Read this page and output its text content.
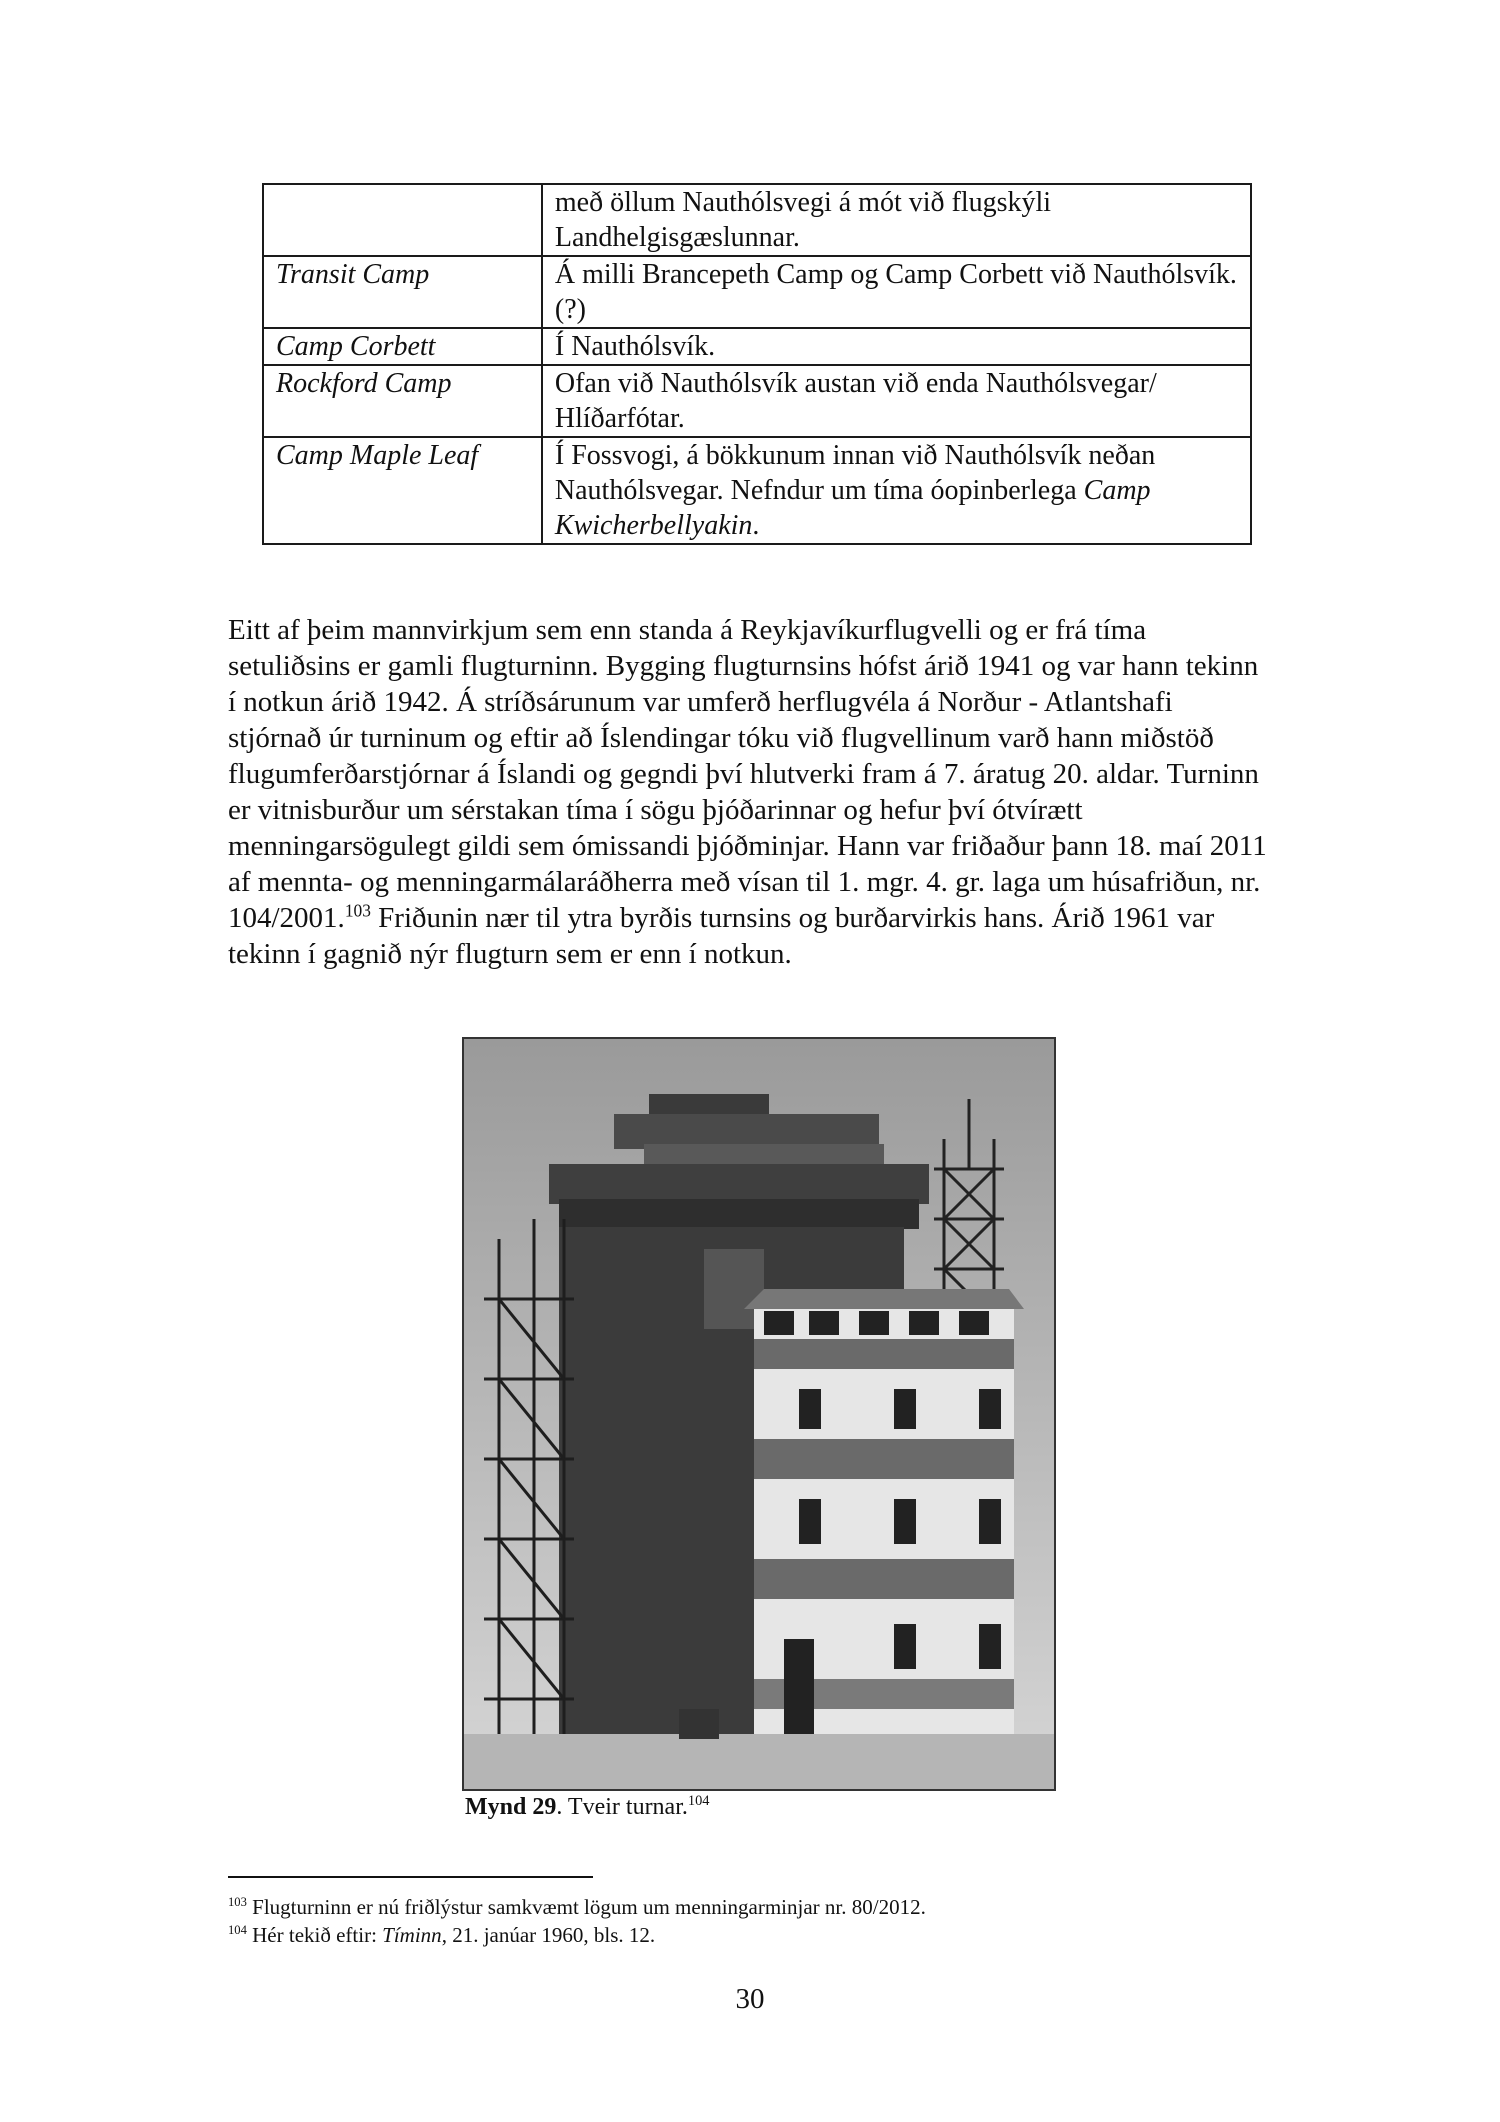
	með öllum Nauthólsvegi á mót við flugskýli Landhelgisgæslunnar.
Transit Camp	Á milli Brancepeth Camp og Camp Corbett við Nauthólsvík. (?)
Camp Corbett	Í Nauthólsvík.
Rockford Camp	Ofan við Nauthólsvík austan við enda Nauthólsvegar/ Hlíðarfótar.
Camp Maple Leaf	Í Fossvogi, á bökkunum innan við Nauthólsvík neðan Nauthólsvegar. Nefndur um tíma óopinberlega Camp Kwicherbellyakin.

Eitt af þeim mannvirkjum sem enn standa á Reykjavíkurflugvelli og er frá tíma setuliðsins er gamli flugturninn. Bygging flugturnsins hófst árið 1941 og var hann tekinn í notkun árið 1942. Á stríðsárunum var umferð herflugvéla á Norður - Atlantshafi stjórnað úr turninum og eftir að Íslendingar tóku við flugvellinum varð hann miðstöð flugumferðarstjórnar á Íslandi og gegndi því hlutverki fram á 7. áratug 20. aldar. Turninn er vitnisburður um sérstakan tíma í sögu þjóðarinnar og hefur því ótvírætt menningarsögulegt gildi sem ómissandi þjóðminjar. Hann var friðaður þann 18. maí 2011 af mennta- og menningarmálaráðherra með vísan til 1. mgr. 4. gr. laga um húsafriðun, nr. 104/2001.$^{103}$ Friðunin nær til ytra byrðis turnsins og burðarvirkis hans. Árið 1961 var tekinn í gagnið nýr flugturn sem er enn í notkun.

Mynd 29. Tveir turnar.$^{104}$
$^{103}$ Flugturninn er nú friðlýstur samkvæmt lögum um menningarminjar nr. 80/2012.
$^{104}$ Hér tekið eftir: Tíminn, 21. janúar 1960, bls. 12.
30
